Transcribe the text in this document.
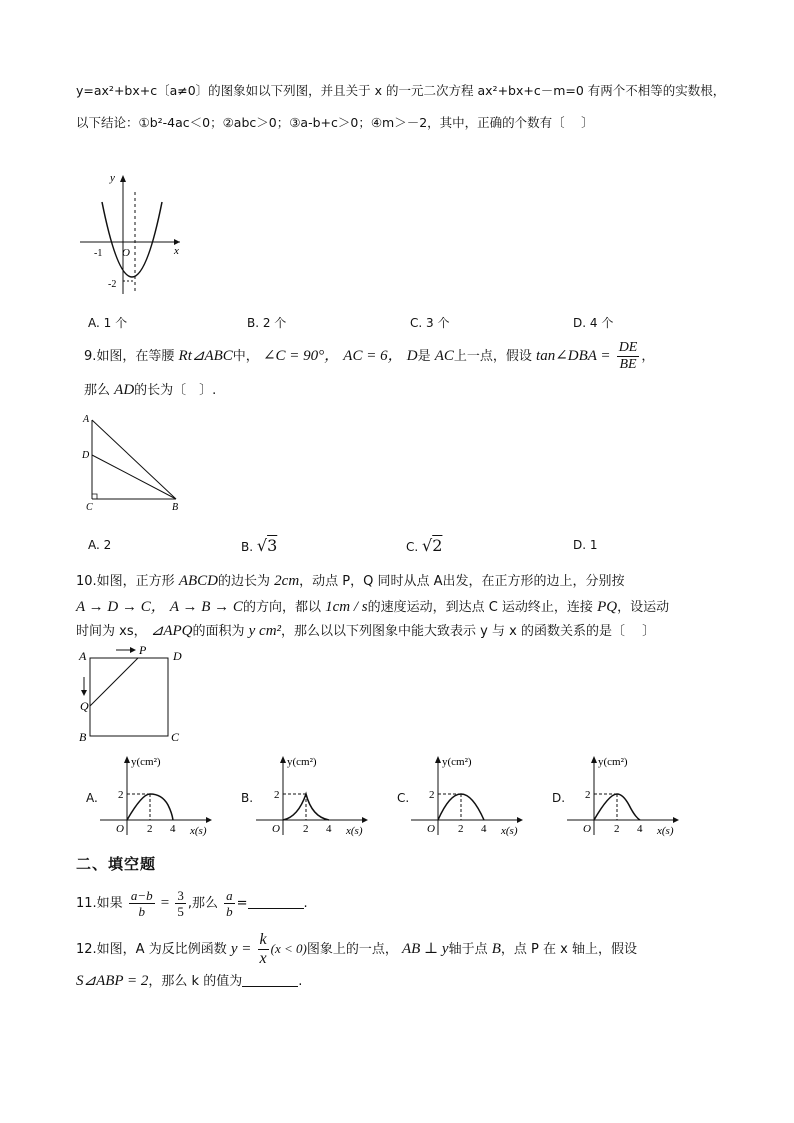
y=ax²+bx+c〔a≠0〕的图象如以下列图，并且关于 x 的一元二次方程 ax²+bx+c－m=0 有两个不相等的实数根，
以下结论：①b²-4ac＜0；②abc＞0；③a-b+c＞0；④m＞－2，其中，正确的个数有〔 　〕
y
x
O
-1
-2
A. 1 个	B. 2 个	C. 3 个	D. 4 个
9.如图，在等腰 Rt⊿ABC中， ∠C = 90°， AC = 6， D是 AC上一点，假设 tan∠DBA = $\frac{DE}{BE}$ ，
那么 AD的长为〔　〕.
A
D
C	B
A. 2	B. √3	C. √2	D. 1
10.如图，正方形 ABCD的边长为 2cm，动点 P，Q 同时从点 A出发，在正方形的边上，分别按
A → D → C， A → B → C的方向，都以 1cm / s的速度运动，到达点 C 运动终止，连接 PQ，设运动
时间为 xs， ⊿APQ的面积为 y cm²，那么以以下列图象中能大致表示 y 与 x 的函数关系的是〔 　〕
A	P D
Q
B	C
A.
y(cm²)
2
O 2 4 x(s)
B.
y(cm²)
2
O 2 4 x(s)
C.
y(cm²)
2
O 2 4 x(s)
D.
y(cm²)
2
O 2 4 x(s)
二、填空题
11.如果 $\frac{a-b}{b} = \frac{3}{5}$ ,那么 $\frac{a}{b}$ =	.
12.如图，A 为反比例函数 $y = \frac{k}{x} (x < 0)$图象上的一点， AB ⊥ y轴于点 B，点 P 在 x 轴上，假设
S⊿ABP = 2，那么 k 的值为	.
